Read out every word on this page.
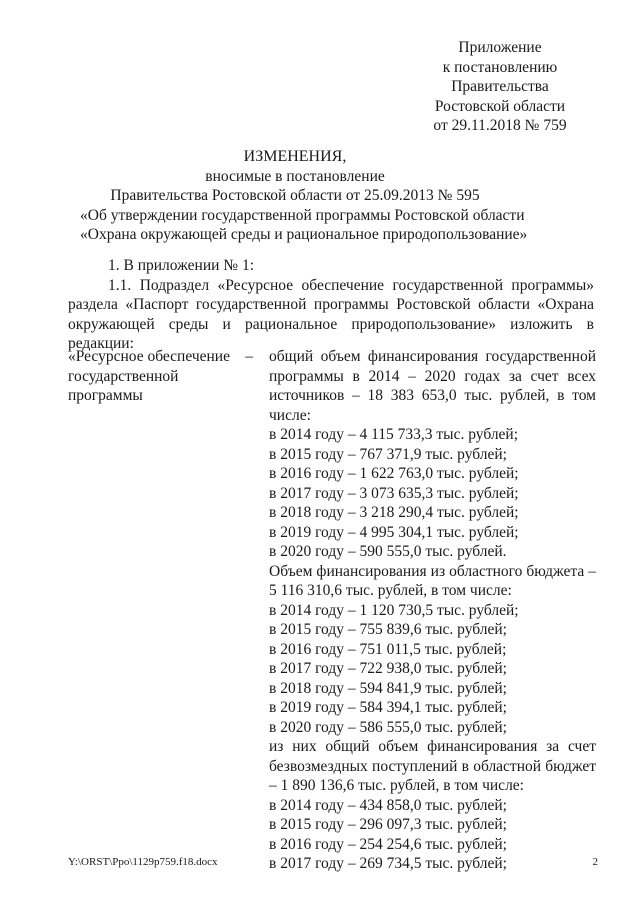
Приложение
к постановлению
Правительства
Ростовской области
от 29.11.2018 № 759
ИЗМЕНЕНИЯ,
вносимые в постановление
Правительства Ростовской области от 25.09.2013 № 595
«Об утверждении государственной программы Ростовской области
«Охрана окружающей среды и рациональное природопользование»
1. В приложении № 1:
1.1. Подраздел «Ресурсное обеспечение государственной программы» раздела «Паспорт государственной программы Ростовской области «Охрана окружающей среды и рациональное природопользование» изложить в редакции:
«Ресурсное обеспечение –
государственной
программы
общий объем финансирования государственной программы в 2014 – 2020 годах за счет всех источников – 18 383 653,0 тыс. рублей, в том числе:
в 2014 году – 4 115 733,3 тыс. рублей;
в 2015 году – 767 371,9 тыс. рублей;
в 2016 году – 1 622 763,0 тыс. рублей;
в 2017 году – 3 073 635,3 тыс. рублей;
в 2018 году – 3 218 290,4 тыс. рублей;
в 2019 году – 4 995 304,1 тыс. рублей;
в 2020 году – 590 555,0 тыс. рублей.
Объем финансирования из областного бюджета – 5 116 310,6 тыс. рублей, в том числе:
в 2014 году – 1 120 730,5 тыс. рублей;
в 2015 году – 755 839,6 тыс. рублей;
в 2016 году – 751 011,5 тыс. рублей;
в 2017 году – 722 938,0 тыс. рублей;
в 2018 году – 594 841,9 тыс. рублей;
в 2019 году – 584 394,1 тыс. рублей;
в 2020 году – 586 555,0 тыс. рублей;
из них общий объем финансирования за счет безвозмездных поступлений в областной бюджет – 1 890 136,6 тыс. рублей, в том числе:
в 2014 году – 434 858,0 тыс. рублей;
в 2015 году – 296 097,3 тыс. рублей;
в 2016 году – 254 254,6 тыс. рублей;
в 2017 году – 269 734,5 тыс. рублей;
Y:\ORST\Ppo\1129p759.f18.docx	2
